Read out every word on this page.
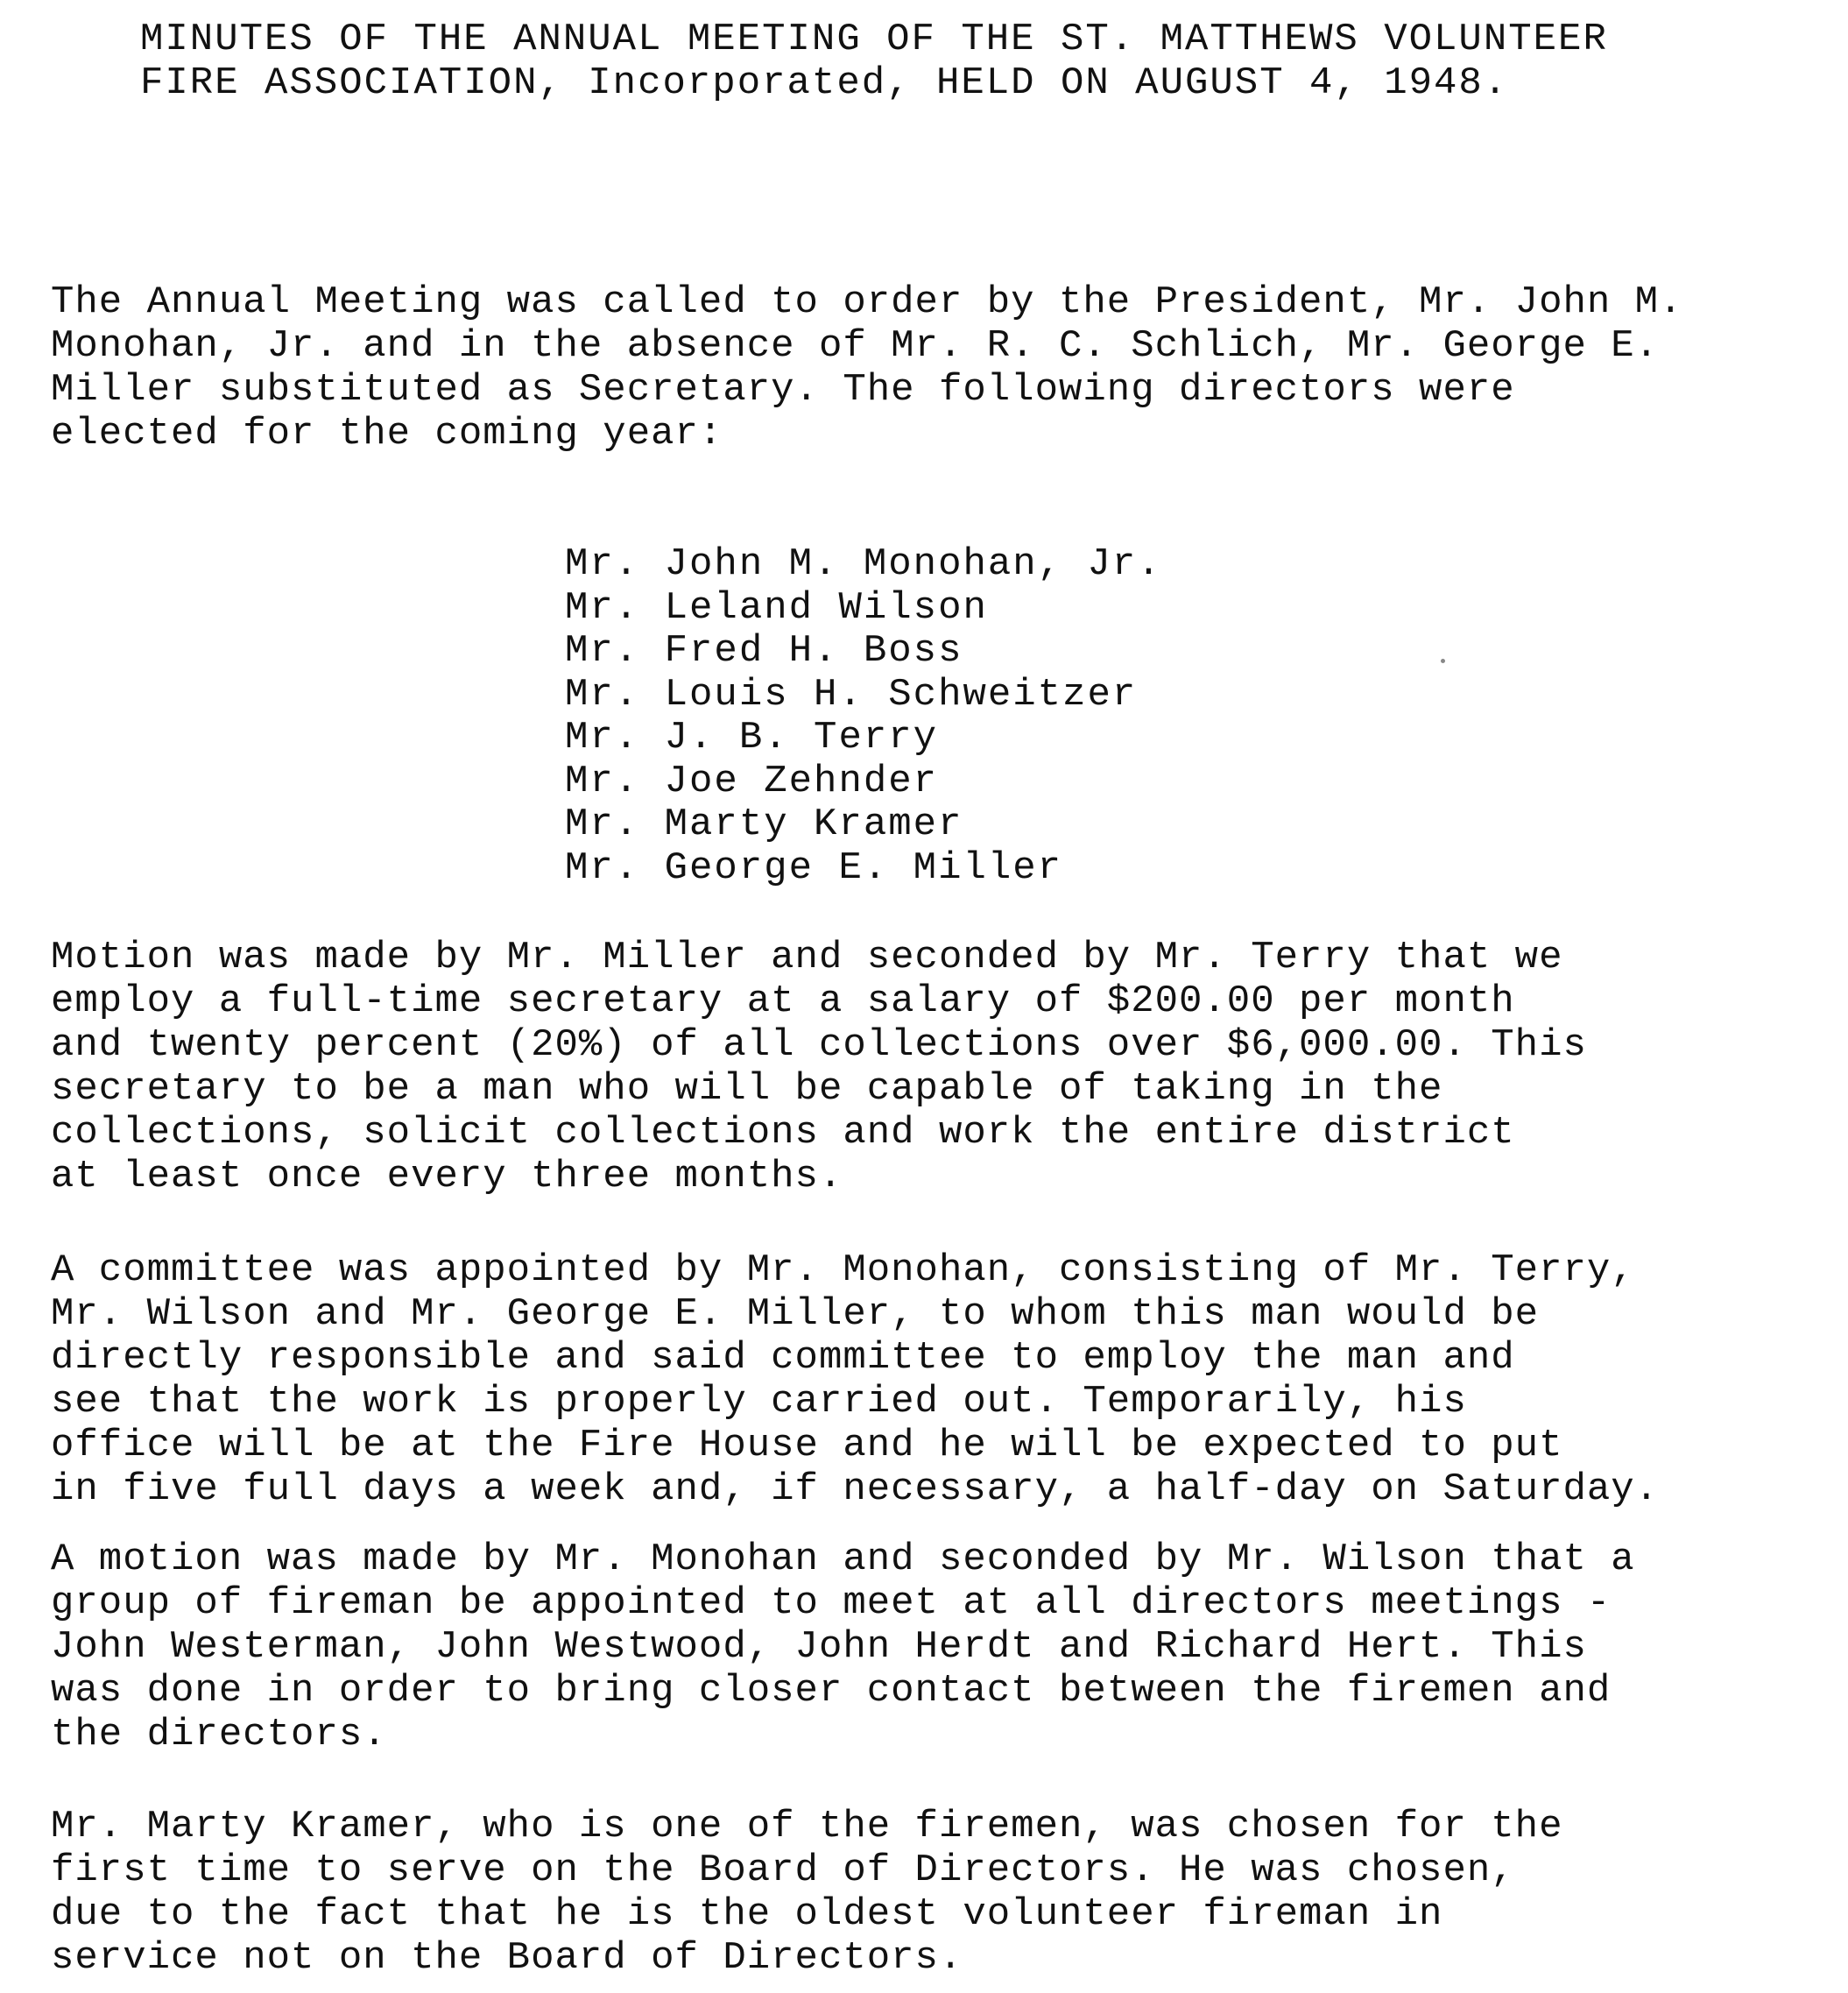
MINUTES OF THE ANNUAL MEETING OF THE ST. MATTHEWS VOLUNTEER
FIRE ASSOCIATION, Incorporated, HELD ON AUGUST 4, 1948.
The Annual Meeting was called to order by the President, Mr. John M.
Monohan, Jr. and in the absence of Mr. R. C. Schlich, Mr. George E.
Miller substituted as Secretary. The following directors were
elected for the coming year:
Mr. John M. Monohan, Jr.
Mr. Leland Wilson
Mr. Fred H. Boss
Mr. Louis H. Schweitzer
Mr. J. B. Terry
Mr. Joe Zehnder
Mr. Marty Kramer
Mr. George E. Miller
Motion was made by Mr. Miller and seconded by Mr. Terry that we
employ a full-time secretary at a salary of $200.00 per month
and twenty percent (20%) of all collections over $6,000.00. This
secretary to be a man who will be capable of taking in the
collections, solicit collections and work the entire district
at least once every three months.
A committee was appointed by Mr. Monohan, consisting of Mr. Terry,
Mr. Wilson and Mr. George E. Miller, to whom this man would be
directly responsible and said committee to employ the man and
see that the work is properly carried out. Temporarily, his
office will be at the Fire House and he will be expected to put
in five full days a week and, if necessary, a half-day on Saturday.
A motion was made by Mr. Monohan and seconded by Mr. Wilson that a
group of fireman be appointed to meet at all directors meetings -
John Westerman, John Westwood, John Herdt and Richard Hert. This
was done in order to bring closer contact between the firemen and
the directors.
Mr. Marty Kramer, who is one of the firemen, was chosen for the
first time to serve on the Board of Directors. He was chosen,
due to the fact that he is the oldest volunteer fireman in
service not on the Board of Directors.
